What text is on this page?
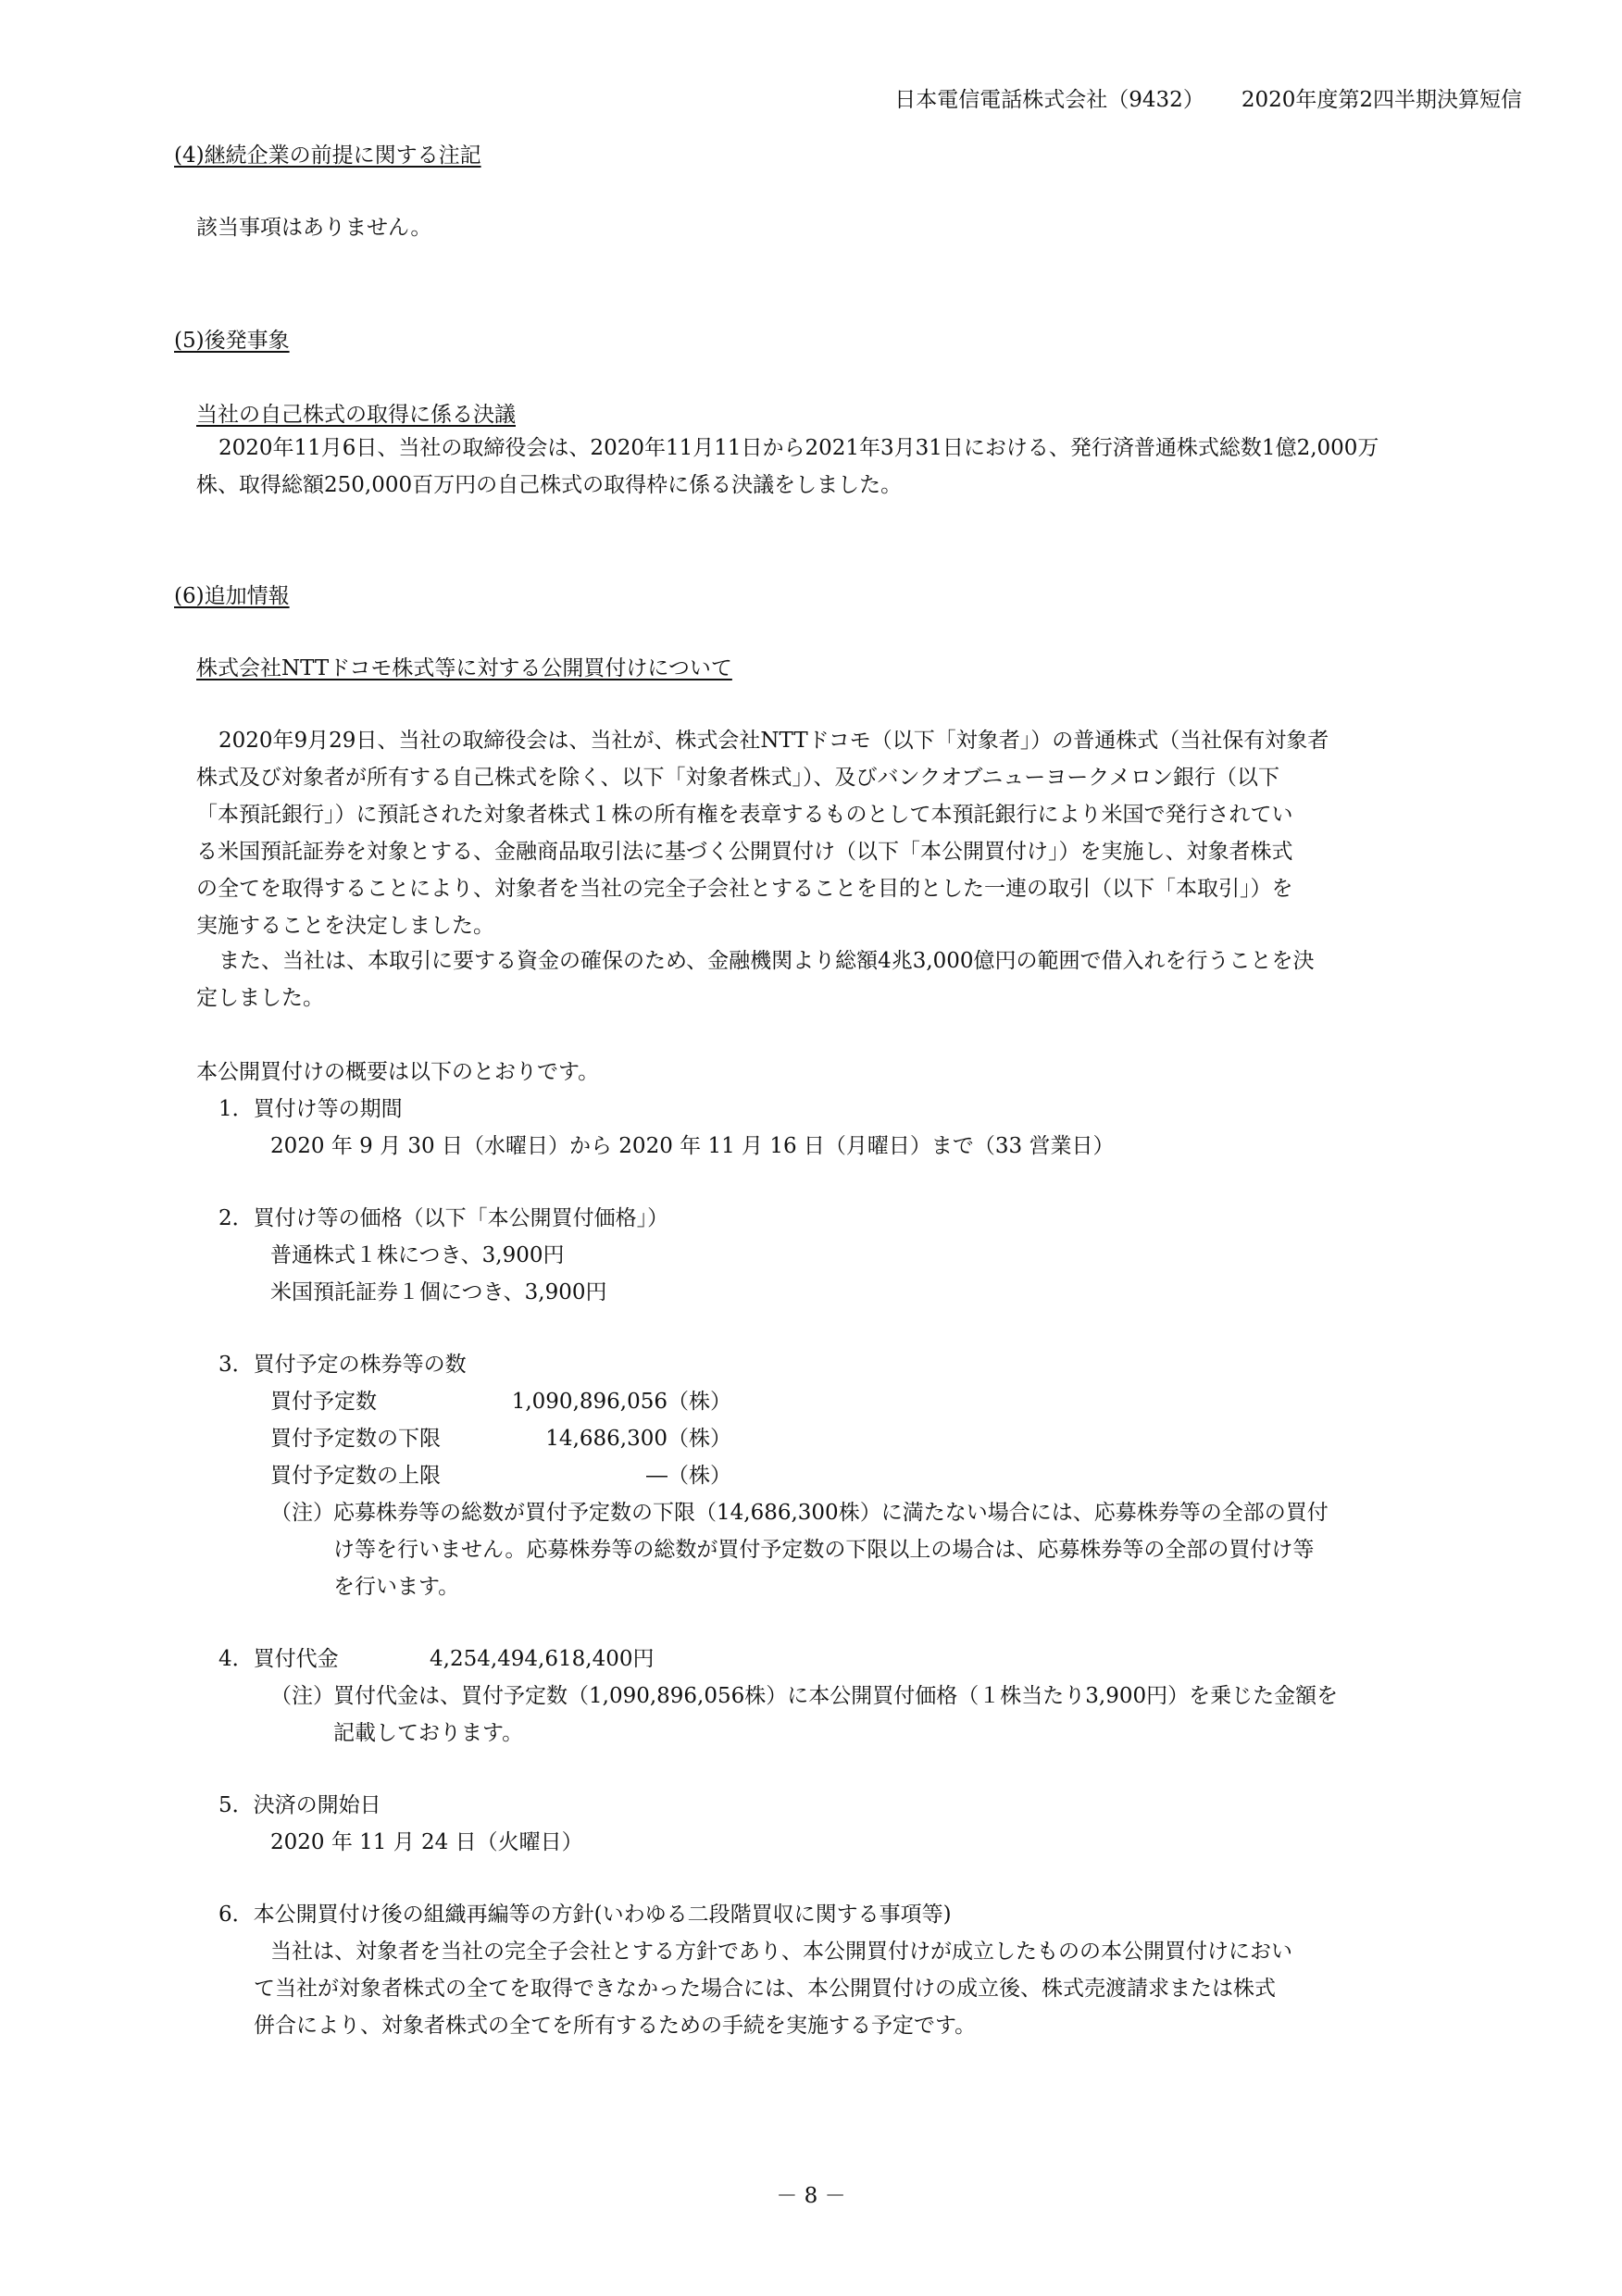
日本電信電話株式会社（9432） 2020年度第2四半期決算短信
(4)継続企業の前提に関する注記
該当事項はありません。
(5)後発事象
当社の自己株式の取得に係る決議
2020年11月6日、当社の取締役会は、2020年11月11日から2021年3月31日における、発行済普通株式総数1億2,000万
株、取得総額250,000百万円の自己株式の取得枠に係る決議をしました。
(6)追加情報
株式会社NTTドコモ株式等に対する公開買付けについて
2020年9月29日、当社の取締役会は、当社が、株式会社NTTドコモ（以下「対象者」）の普通株式（当社保有対象者
株式及び対象者が所有する自己株式を除く、以下「対象者株式」）、及びバンクオブニューヨークメロン銀行（以下
「本預託銀行」）に預託された対象者株式１株の所有権を表章するものとして本預託銀行により米国で発行されてい
る米国預託証券を対象とする、金融商品取引法に基づく公開買付け（以下「本公開買付け」）を実施し、対象者株式
の全てを取得することにより、対象者を当社の完全子会社とすることを目的とした一連の取引（以下「本取引」）を
実施することを決定しました。
また、当社は、本取引に要する資金の確保のため、金融機関より総額4兆3,000億円の範囲で借入れを行うことを決
定しました。
本公開買付けの概要は以下のとおりです。
1．買付け等の期間
2020 年 9 月 30 日（水曜日）から 2020 年 11 月 16 日（月曜日）まで（33 営業日）
2．買付け等の価格（以下「本公開買付価格」）
普通株式１株につき、3,900円
米国預託証券１個につき、3,900円
3．買付予定の株券等の数
買付予定数	1,090,896,056（株）
買付予定数の下限	14,686,300（株）
買付予定数の上限	―（株）
（注） 応募株券等の総数が買付予定数の下限（14,686,300株）に満たない場合には、応募株券等の全部の買付
け等を行いません。応募株券等の総数が買付予定数の下限以上の場合は、応募株券等の全部の買付け等
を行います。
4．買付代金	4,254,494,618,400円
（注） 買付代金は、買付予定数（1,090,896,056株）に本公開買付価格（１株当たり3,900円）を乗じた金額を
記載しております。
5．決済の開始日
2020 年 11 月 24 日（火曜日）
6．本公開買付け後の組織再編等の方針(いわゆる二段階買収に関する事項等)
当社は、対象者を当社の完全子会社とする方針であり、本公開買付けが成立したものの本公開買付けにおい
て当社が対象者株式の全てを取得できなかった場合には、本公開買付けの成立後、株式売渡請求または株式
併合により、対象者株式の全てを所有するための手続を実施する予定です。
－ 8 －
